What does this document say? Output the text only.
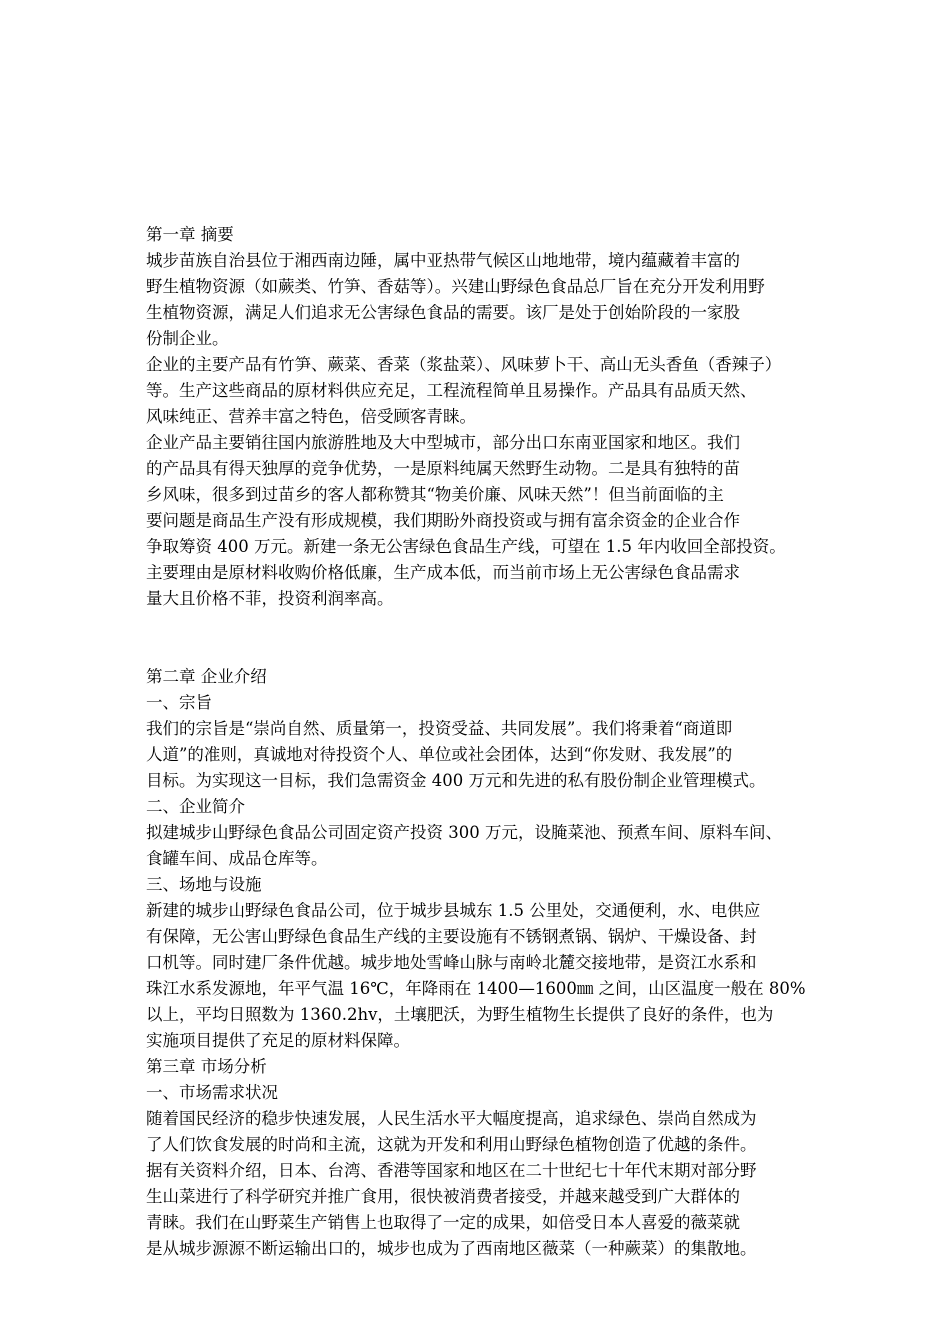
第一章 摘要
城步苗族自治县位于湘西南边陲，属中亚热带气候区山地地带，境内蕴藏着丰富的
野生植物资源（如蕨类、竹笋、香菇等）。兴建山野绿色食品总厂旨在充分开发利用野
生植物资源，满足人们追求无公害绿色食品的需要。该厂是处于创始阶段的一家股
份制企业。
企业的主要产品有竹笋、蕨菜、香菜（浆盐菜）、风味萝卜干、高山无头香鱼（香辣子）
等。生产这些商品的原材料供应充足，工程流程简单且易操作。产品具有品质天然、
风味纯正、营养丰富之特色，倍受顾客青睐。
企业产品主要销往国内旅游胜地及大中型城市，部分出口东南亚国家和地区。我们
的产品具有得天独厚的竞争优势，一是原料纯属天然野生动物。二是具有独特的苗
乡风味，很多到过苗乡的客人都称赞其“物美价廉、风味天然”！但当前面临的主
要问题是商品生产没有形成规模，我们期盼外商投资或与拥有富余资金的企业合作
争取筹资 400 万元。新建一条无公害绿色食品生产线，可望在 1.5 年内收回全部投资。
主要理由是原材料收购价格低廉，生产成本低，而当前市场上无公害绿色食品需求
量大且价格不菲，投资利润率高。
第二章 企业介绍
一、宗旨
我们的宗旨是“崇尚自然、质量第一，投资受益、共同发展”。我们将秉着“商道即
人道”的准则，真诚地对待投资个人、单位或社会团体，达到“你发财、我发展”的
目标。为实现这一目标，我们急需资金 400 万元和先进的私有股份制企业管理模式。
二、企业简介
拟建城步山野绿色食品公司固定资产投资 300 万元，设腌菜池、预煮车间、原料车间、
食罐车间、成品仓库等。
三、场地与设施
新建的城步山野绿色食品公司，位于城步县城东 1.5 公里处，交通便利，水、电供应
有保障，无公害山野绿色食品生产线的主要设施有不锈钢煮锅、锅炉、干燥设备、封
口机等。同时建厂条件优越。城步地处雪峰山脉与南岭北麓交接地带，是资江水系和
珠江水系发源地，年平气温 16℃，年降雨在 1400—1600㎜ 之间，山区温度一般在 80%
以上，平均日照数为 1360.2hv，土壤肥沃，为野生植物生长提供了良好的条件，也为
实施项目提供了充足的原材料保障。
第三章 市场分析
一、市场需求状况
随着国民经济的稳步快速发展，人民生活水平大幅度提高，追求绿色、崇尚自然成为
了人们饮食发展的时尚和主流，这就为开发和利用山野绿色植物创造了优越的条件。
据有关资料介绍，日本、台湾、香港等国家和地区在二十世纪七十年代末期对部分野
生山菜进行了科学研究并推广食用，很快被消费者接受，并越来越受到广大群体的
青睐。我们在山野菜生产销售上也取得了一定的成果，如倍受日本人喜爱的薇菜就
是从城步源源不断运输出口的，城步也成为了西南地区薇菜（一种蕨菜）的集散地。
